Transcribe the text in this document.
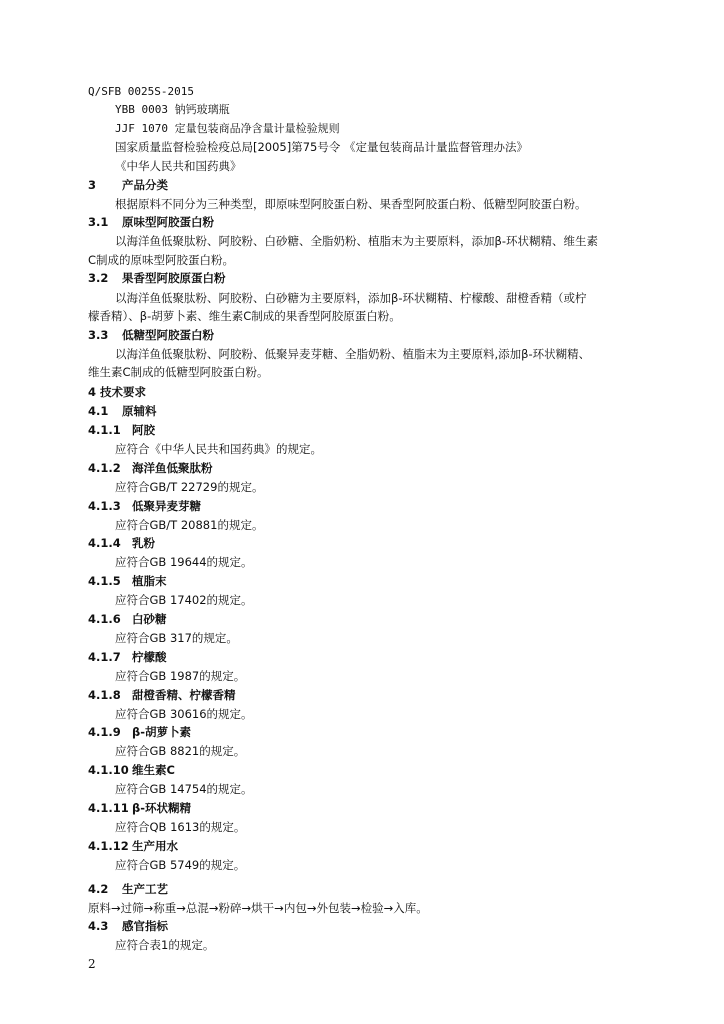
Q/SFB 0025S-2015
YBB 0003 钠钙玻璃瓶
JJF 1070 定量包装商品净含量计量检验规则
国家质量监督检验检疫总局[2005]第75号令 《定量包装商品计量监督管理办法》
《中华人民共和国药典》
3 产品分类
根据原料不同分为三种类型，即原味型阿胶蛋白粉、果香型阿胶蛋白粉、低糖型阿胶蛋白粉。
3.1 原味型阿胶蛋白粉
以海洋鱼低聚肽粉、阿胶粉、白砂糖、全脂奶粉、植脂末为主要原料，添加β-环状糊精、维生素
C制成的原味型阿胶蛋白粉。
3.2 果香型阿胶原蛋白粉
以海洋鱼低聚肽粉、阿胶粉、白砂糖为主要原料，添加β-环状糊精、柠檬酸、甜橙香精（或柠
檬香精）、β-胡萝卜素、维生素C制成的果香型阿胶原蛋白粉。
3.3 低糖型阿胶蛋白粉
以海洋鱼低聚肽粉、阿胶粉、低聚异麦芽糖、全脂奶粉、植脂末为主要原料,添加β-环状糊精、
维生素C制成的低糖型阿胶蛋白粉。
4 技术要求
4.1 原辅料
4.1.1 阿胶
应符合《中华人民共和国药典》的规定。
4.1.2 海洋鱼低聚肽粉
应符合GB/T 22729的规定。
4.1.3 低聚异麦芽糖
应符合GB/T 20881的规定。
4.1.4 乳粉
应符合GB 19644的规定。
4.1.5 植脂末
应符合GB 17402的规定。
4.1.6 白砂糖
应符合GB 317的规定。
4.1.7 柠檬酸
应符合GB 1987的规定。
4.1.8 甜橙香精、柠檬香精
应符合GB 30616的规定。
4.1.9 β-胡萝卜素
应符合GB 8821的规定。
4.1.10 维生素C
应符合GB 14754的规定。
4.1.11 β-环状糊精
应符合QB 1613的规定。
4.1.12 生产用水
应符合GB 5749的规定。
4.2 生产工艺
原料→过筛→称重→总混→粉碎→烘干→内包→外包装→检验→入库。
4.3 感官指标
应符合表1的规定。
2
